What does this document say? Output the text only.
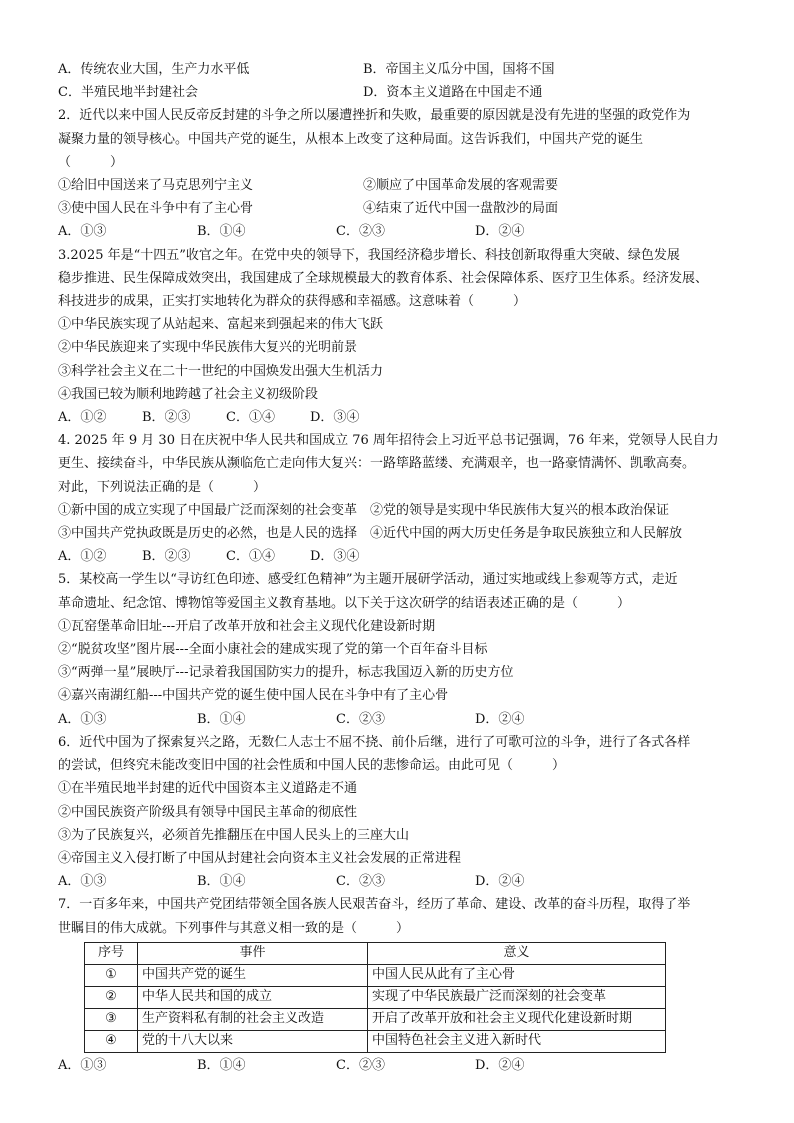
A．传统农业大国，生产力水平低	B．帝国主义瓜分中国，国将不国
C．半殖民地半封建社会	D．资本主义道路在中国走不通
2．近代以来中国人民反帝反封建的斗争之所以屡遭挫折和失败，最重要的原因就是没有先进的坚强的政党作为
凝聚力量的领导核心。中国共产党的诞生，从根本上改变了这种局面。这告诉我们，中国共产党的诞生
（　　　）
①给旧中国送来了马克思列宁主义	②顺应了中国革命发展的客观需要
③使中国人民在斗争中有了主心骨	④结束了近代中国一盘散沙的局面
A．①③	B．①④	C．②③	D．②④
3.2025 年是“十四五”收官之年。在党中央的领导下，我国经济稳步增长、科技创新取得重大突破、绿色发展
稳步推进、民生保障成效突出，我国建成了全球规模最大的教育体系、社会保障体系、医疗卫生体系。经济发展、
科技进步的成果，正实打实地转化为群众的获得感和幸福感。这意味着（　　　）
①中华民族实现了从站起来、富起来到强起来的伟大飞跃
②中华民族迎来了实现中华民族伟大复兴的光明前景
③科学社会主义在二十一世纪的中国焕发出强大生机活力
④我国已较为顺利地跨越了社会主义初级阶段
A．①②	B．②③	C．①④	D．③④
4. 2025 年 9 月 30 日在庆祝中华人民共和国成立 76 周年招待会上习近平总书记强调，76 年来，党领导人民自力
更生、接续奋斗，中华民族从濒临危亡走向伟大复兴：一路筚路蓝缕、充满艰辛，也一路豪情满怀、凯歌高奏。
对此，下列说法正确的是（　　　）
①新中国的成立实现了中国最广泛而深刻的社会变革　②党的领导是实现中华民族伟大复兴的根本政治保证
③中国共产党执政既是历史的必然，也是人民的选择　④近代中国的两大历史任务是争取民族独立和人民解放
A．①②	B．②③	C．①④	D．③④
5．某校高一学生以“寻访红色印迹、感受红色精神”为主题开展研学活动，通过实地或线上参观等方式，走近
革命遗址、纪念馆、博物馆等爱国主义教育基地。以下关于这次研学的结语表述正确的是（　　　）
①瓦窑堡革命旧址---开启了改革开放和社会主义现代化建设新时期
②“脱贫攻坚”图片展---全面小康社会的建成实现了党的第一个百年奋斗目标
③“两弹一星”展映厅---记录着我国国防实力的提升，标志我国迈入新的历史方位
④嘉兴南湖红船---中国共产党的诞生使中国人民在斗争中有了主心骨
A．①③	B．①④	C．②③	D．②④
6．近代中国为了探索复兴之路，无数仁人志士不屈不挠、前仆后继，进行了可歌可泣的斗争，进行了各式各样
的尝试，但终究未能改变旧中国的社会性质和中国人民的悲惨命运。由此可见（　　　）
①在半殖民地半封建的近代中国资本主义道路走不通
②中国民族资产阶级具有领导中国民主革命的彻底性
③为了民族复兴，必须首先推翻压在中国人民头上的三座大山
④帝国主义入侵打断了中国从封建社会向资本主义社会发展的正常进程
A．①③	B．①④	C．②③	D．②④
7．一百多年来，中国共产党团结带领全国各族人民艰苦奋斗，经历了革命、建设、改革的奋斗历程，取得了举
世瞩目的伟大成就。下列事件与其意义相一致的是（　　　）
序号	事件	意义
①	中国共产党的诞生	中国人民从此有了主心骨
②	中华人民共和国的成立	实现了中华民族最广泛而深刻的社会变革
③	生产资料私有制的社会主义改造	开启了改革开放和社会主义现代化建设新时期
④	党的十八大以来	中国特色社会主义进入新时代
A．①③	B．①④	C．②③	D．②④
